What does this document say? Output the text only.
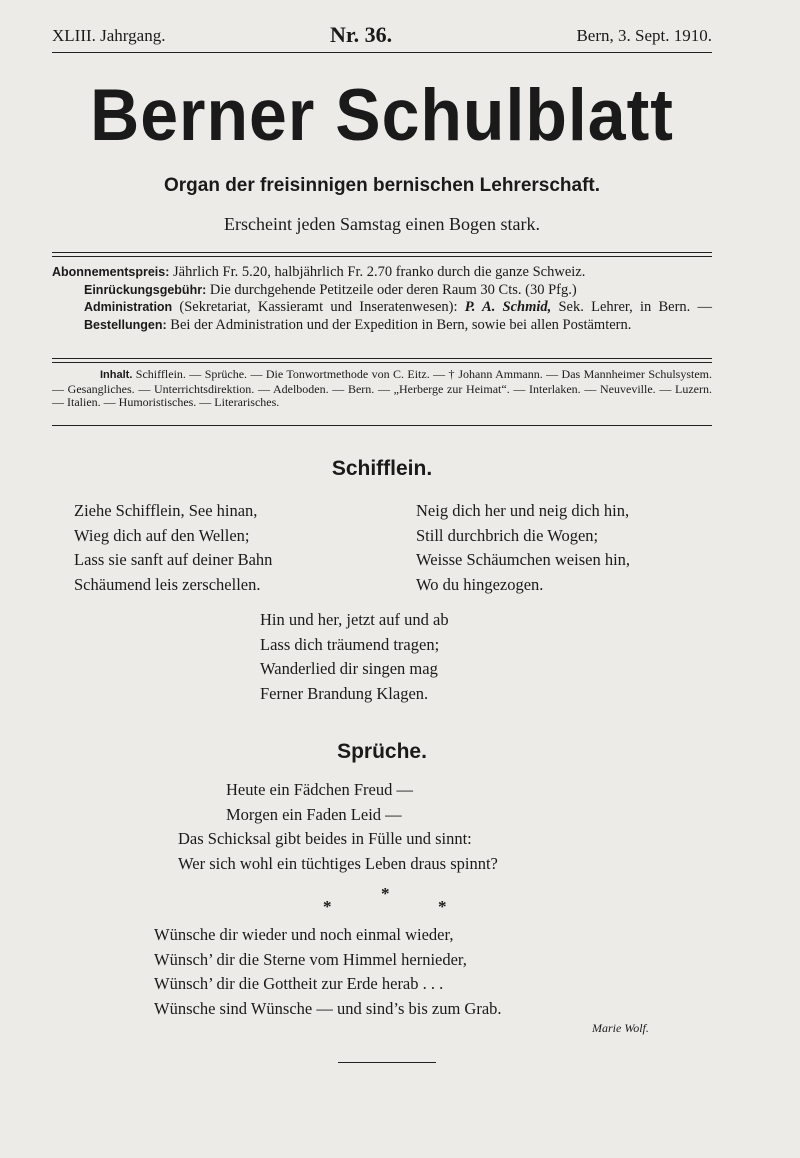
XLIII. Jahrgang.	Nr. 36.	Bern, 3. Sept. 1910.
Berner Schulblatt
Organ der freisinnigen bernischen Lehrerschaft.
Erscheint jeden Samstag einen Bogen stark.

Abonnementspreis: Jährlich Fr. 5.20, halbjährlich Fr. 2.70 franko durch die ganze Schweiz.

Einrückungsgebühr: Die durchgehende Petitzeile oder deren Raum 30 Cts. (30 Pfg.)

Administration (Sekretariat, Kassieramt und Inseratenwesen): P. A. Schmid, Sek. Lehrer, in Bern. — Bestellungen: Bei der Administration und der Expedition in Bern, sowie bei allen Postämtern.

Inhalt. Schifflein. — Sprüche. — Die Tonwortmethode von C. Eitz. — † Johann Ammann. — Das Mannheimer Schulsystem. — Gesangliches. — Unterrichtsdirektion. — Adelboden. — Bern. — „Herberge zur Heimat“. — Interlaken. — Neuveville. — Luzern. — Italien. — Humoristisches. — Literarisches.
Schifflein.
Ziehe Schifflein, See hinan,
Wieg dich auf den Wellen;
Lass sie sanft auf deiner Bahn
Schäumend leis zerschellen.
Neig dich her und neig dich hin,
Still durchbrich die Wogen;
Weisse Schäumchen weisen hin,
Wo du hingezogen.
Hin und her, jetzt auf und ab
Lass dich träumend tragen;
Wanderlied dir singen mag
Ferner Brandung Klagen.
Sprüche.
Heute ein Fädchen Freud —
Morgen ein Faden Leid —
Das Schicksal gibt beides in Fülle und sinnt:
Wer sich wohl ein tüchtiges Leben draus spinnt?
*
*	*
Wünsche dir wieder und noch einmal wieder,
Wünsch’ dir die Sterne vom Himmel hernieder,
Wünsch’ dir die Gottheit zur Erde herab . . .
Wünsche sind Wünsche — und sind’s bis zum Grab.
Marie Wolf.
